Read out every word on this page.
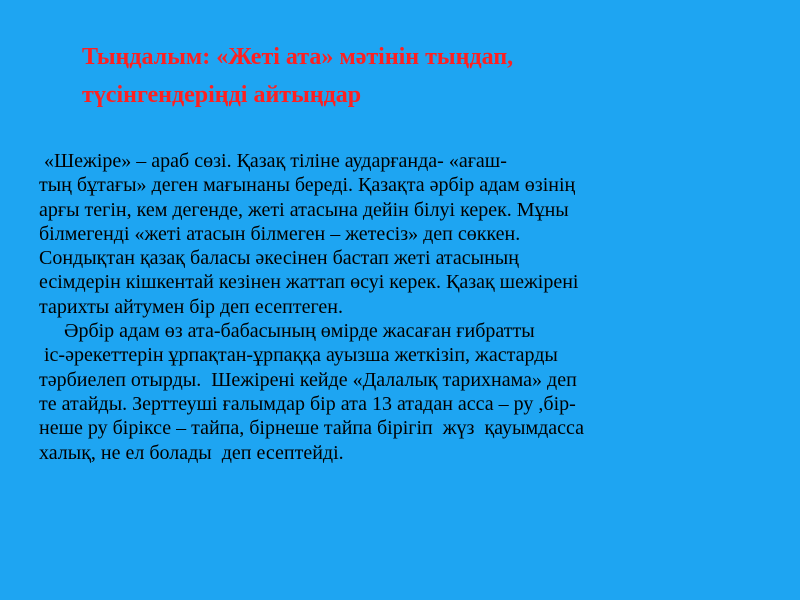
Тыңдалым: «Жеті ата» мәтінін тыңдап,
түсінгендеріңді айтыңдар
«Шежіре» – араб сөзі. Қазақ тіліне аударғанда- «ағаш-
тың бұтағы» деген мағынаны береді. Қазақта әрбір адам өзінің
арғы тегін, кем дегенде, жеті атасына дейін білуі керек. Мұны
білмегенді «жеті атасын білмеген – жетесіз» деп сөккен.
Сондықтан қазақ баласы әкесінен бастап жеті атасының
есімдерін кішкентай кезінен жаттап өсуі керек. Қазақ шежірені
тарихты айтумен бір деп есептеген.
Әрбір адам өз ата-бабасының өмірде жасаған ғибратты
іс-әрекеттерін ұрпақтан-ұрпаққа ауызша жеткізіп, жастарды
тәрбиелеп отырды.  Шежірені кейде «Далалық тарихнама» деп
те атайды. Зерттеуші ғалымдар бір ата 13 атадан асса – ру ,бір-
неше ру біріксе – тайпа, бірнеше тайпа бірігіп  жүз  қауымдасса
халық, не ел болады  деп есептейді.
